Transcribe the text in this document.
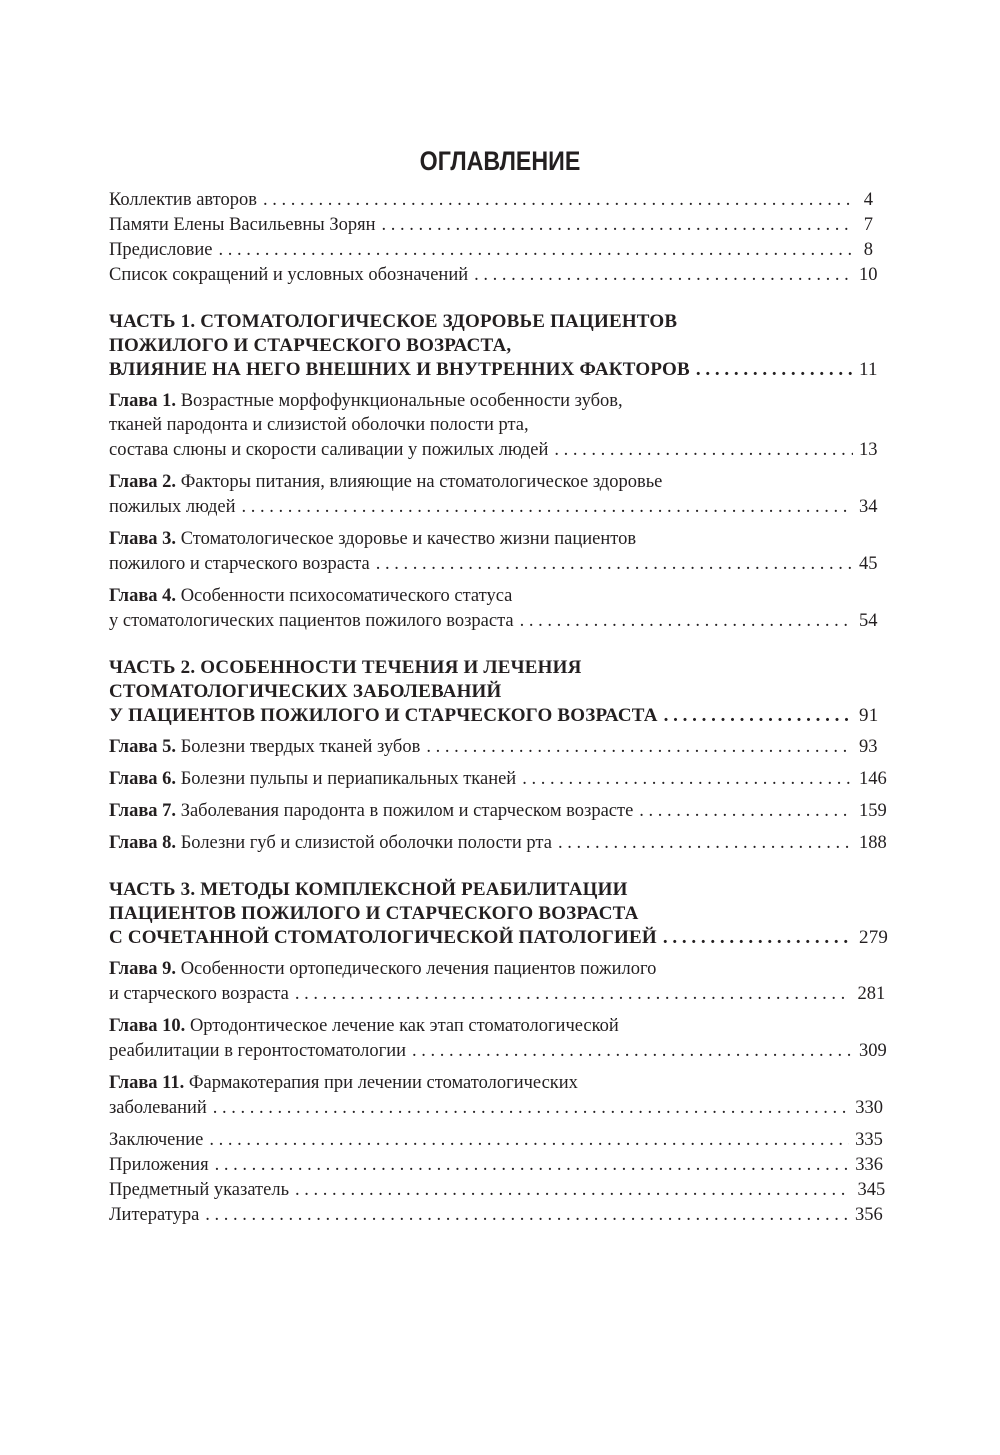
ОГЛАВЛЕНИЕ
Коллектив авторов . . .	4
Памяти Елены Васильевны Зорян . . .	7
Предисловие . . .	8
Список сокращений и условных обозначений . . .	10
ЧАСТЬ 1. СТОМАТОЛОГИЧЕСКОЕ ЗДОРОВЬЕ ПАЦИЕНТОВ
ПОЖИЛОГО И СТАРЧЕСКОГО ВОЗРАСТА,
ВЛИЯНИЕ НА НЕГО ВНЕШНИХ И ВНУТРЕННИХ ФАКТОРОВ . . .	11
Глава 1. Возрастные морфофункциональные особенности зубов,
тканей пародонта и слизистой оболочки полости рта,
состава слюны и скорости саливации у пожилых людей . . .	13
Глава 2. Факторы питания, влияющие на стоматологическое здоровье
пожилых людей . . .	34
Глава 3. Стоматологическое здоровье и качество жизни пациентов
пожилого и старческого возраста . . .	45
Глава 4. Особенности психосоматического статуса
у стоматологических пациентов пожилого возраста . . .	54
ЧАСТЬ 2. ОСОБЕННОСТИ ТЕЧЕНИЯ И ЛЕЧЕНИЯ
СТОМАТОЛОГИЧЕСКИХ ЗАБОЛЕВАНИЙ
У ПАЦИЕНТОВ ПОЖИЛОГО И СТАРЧЕСКОГО ВОЗРАСТА . . .	91
Глава 5. Болезни твердых тканей зубов . . .	93
Глава 6. Болезни пульпы и периапикальных тканей . . .	146
Глава 7. Заболевания пародонта в пожилом и старческом возрасте . . .	159
Глава 8. Болезни губ и слизистой оболочки полости рта . . .	188
ЧАСТЬ 3. МЕТОДЫ КОМПЛЕКСНОЙ РЕАБИЛИТАЦИИ
ПАЦИЕНТОВ ПОЖИЛОГО И СТАРЧЕСКОГО ВОЗРАСТА
С СОЧЕТАННОЙ СТОМАТОЛОГИЧЕСКОЙ ПАТОЛОГИЕЙ . . .	279
Глава 9. Особенности ортопедического лечения пациентов пожилого
и старческого возраста . . .	281
Глава 10. Ортодонтическое лечение как этап стоматологической
реабилитации в геронтостоматологии . . .	309
Глава 11. Фармакотерапия при лечении стоматологических
заболеваний . . .	330
Заключение . . .	335
Приложения . . .	336
Предметный указатель . . .	345
Литература . . .	356
